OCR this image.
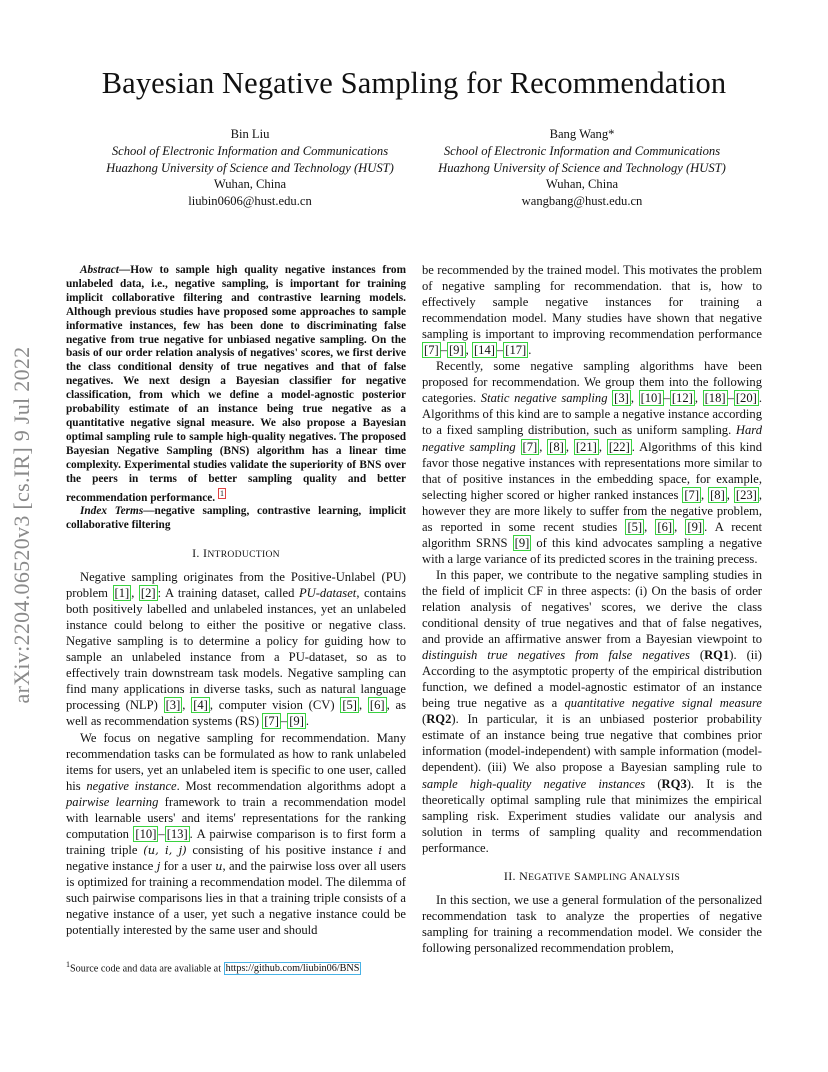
Bayesian Negative Sampling for Recommendation
Bin Liu
School of Electronic Information and Communications
Huazhong University of Science and Technology (HUST)
Wuhan, China
liubin0606@hust.edu.cn
Bang Wang*
School of Electronic Information and Communications
Huazhong University of Science and Technology (HUST)
Wuhan, China
wangbang@hust.edu.cn
arXiv:2204.06520v3 [cs.IR] 9 Jul 2022

Abstract—How to sample high quality negative instances from unlabeled data, i.e., negative sampling, is important for training implicit collaborative filtering and contrastive learning models. Although previous studies have proposed some approaches to sample informative instances, few has been done to discriminating false negative from true negative for unbiased negative sampling. On the basis of our order relation analysis of negatives' scores, we first derive the class conditional density of true negatives and that of false negatives. We next design a Bayesian classifier for negative classification, from which we define a model-agnostic posterior probability estimate of an instance being true negative as a quantitative negative signal measure. We also propose a Bayesian optimal sampling rule to sample high-quality negatives. The proposed Bayesian Negative Sampling (BNS) algorithm has a linear time complexity. Experimental studies validate the superiority of BNS over the peers in terms of better sampling quality and better recommendation performance. $^1$

Index Terms—negative sampling, contrastive learning, implicit collaborative filtering

I. INTRODUCTION

Negative sampling originates from the Positive-Unlabel (PU) problem [1] , [2] : A training dataset, called PU-dataset, contains both positively labelled and unlabeled instances, yet an unlabeled instance could belong to either the positive or negative class. Negative sampling is to determine a policy for guiding how to sample an unlabeled instance from a PU-dataset, so as to effectively train downstream task models. Negative sampling can find many applications in diverse tasks, such as natural language processing (NLP) [3] , [4] , computer vision (CV) [5] , [6] , as well as recommendation systems (RS) [7] – [9] .

We focus on negative sampling for recommendation. Many recommendation tasks can be formulated as how to rank unlabeled items for users, yet an unlabeled item is specific to one user, called his negative instance. Most recommendation algorithms adopt a pairwise learning framework to train a recommendation model with learnable users' and items' representations for the ranking computation [10] – [13] . A pairwise comparison is to first form a training triple (u, i, j) consisting of his positive instance i and negative instance j for a user u, and the pairwise loss over all users is optimized for training a recommendation model. The dilemma of such pairwise comparisons lies in that a training triple consists of a negative instance of a user, yet such a negative instance could be potentially interested by the same user and should

$^1$Source code and data are avaliable at https://github.com/liubin06/BNS

be recommended by the trained model. This motivates the problem of negative sampling for recommendation. that is, how to effectively sample negative instances for training a recommendation model. Many studies have shown that negative sampling is important to improving recommendation performance [7] – [9] , [14] – [17] .

Recently, some negative sampling algorithms have been proposed for recommendation. We group them into the following categories. Static negative sampling [3] , [10] – [12] , [18] – [20] . Algorithms of this kind are to sample a negative instance according to a fixed sampling distribution, such as uniform sampling. Hard negative sampling [7] , [8] , [21] , [22] . Algorithms of this kind favor those negative instances with representations more similar to that of positive instances in the embedding space, for example, selecting higher scored or higher ranked instances [7] , [8] , [23] , however they are more likely to suffer from the negative problem, as reported in some recent studies [5] , [6] , [9] . A recent algorithm SRNS [9] of this kind advocates sampling a negative with a large variance of its predicted scores in the training precess.

In this paper, we contribute to the negative sampling studies in the field of implicit CF in three aspects: (i) On the basis of order relation analysis of negatives' scores, we derive the class conditional density of true negatives and that of false negatives, and provide an affirmative answer from a Bayesian viewpoint to distinguish true negatives from false negatives (RQ1). (ii) According to the asymptotic property of the empirical distribution function, we defined a model-agnostic estimator of an instance being true negative as a quantitative negative signal measure (RQ2). In particular, it is an unbiased posterior probability estimate of an instance being true negative that combines prior information (model-independent) with sample information (model-dependent). (iii) We also propose a Bayesian sampling rule to sample high-quality negative instances (RQ3). It is the theoretically optimal sampling rule that minimizes the empirical sampling risk. Experiment studies validate our analysis and solution in terms of sampling quality and recommendation performance.

II. NEGATIVE SAMPLING ANALYSIS

In this section, we use a general formulation of the personalized recommendation task to analyze the properties of negative sampling for training a recommendation model. We consider the following personalized recommendation problem,
